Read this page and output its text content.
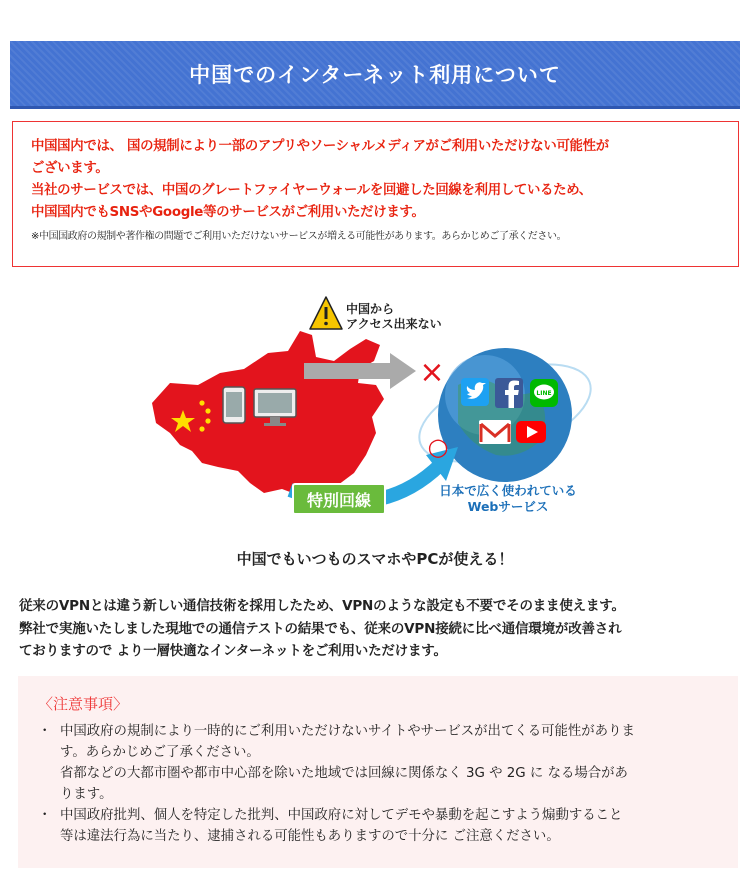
中国でのインターネット利用について
中国国内では、 国の規制により一部のアプリやソーシャルメディアがご利用いただけない可能性が
ございます。
当社のサービスでは、中国のグレートファイヤーウォールを回避した回線を利用しているため、
中国国内でもSNSやGoogle等のサービスがご利用いただけます。
※中国国政府の規制や著作権の問題でご利用いただけないサービスが増える可能性があります。あらかじめご了承ください。
中国から
アクセス出来ない
×
LINE
○
特別回線
日本で広く使われている
Webサービス
中国でもいつものスマホやPCが使える！
従来のVPNとは違う新しい通信技術を採用したため、VPNのような設定も不要でそのまま使えます。
弊社で実施いたしました現地での通信テストの結果でも、従来のVPN接続に比べ通信環境が改善され
ておりますので より一層快適なインターネットをご利用いただけます。
〈注意事項〉
・ 中国政府の規制により一時的にご利用いただけないサイトやサービスが出てくる可能性がありま

す。あらかじめご了承ください。

省都などの大都市圏や都市中心部を除いた地域では回線に関係なく 3G や 2G に なる場合があ

ります。

・ 中国政府批判、個人を特定した批判、中国政府に対してデモや暴動を起こすよう煽動すること

等は違法行為に当たり、逮捕される可能性もありますので十分に ご注意ください。
